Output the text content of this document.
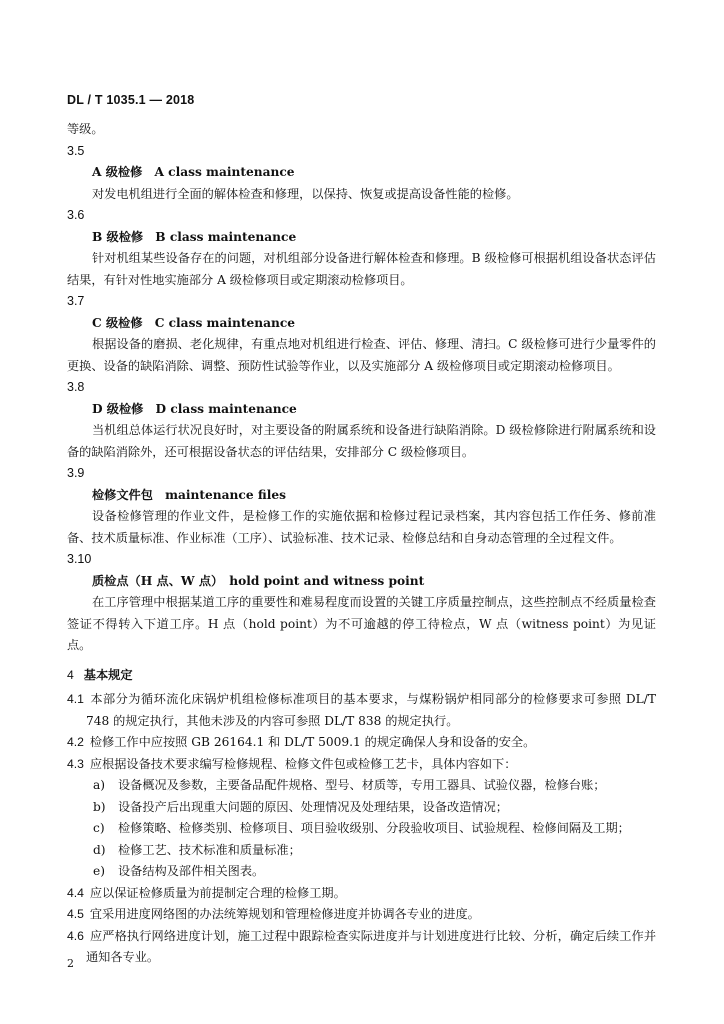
DL / T 1035.1 — 2018
等级。
3.5
A 级检修　A class maintenance
对发电机组进行全面的解体检查和修理，以保持、恢复或提高设备性能的检修。
3.6
B 级检修　B class maintenance
针对机组某些设备存在的问题，对机组部分设备进行解体检查和修理。B 级检修可根据机组设备状态评估结果，有针对性地实施部分 A 级检修项目或定期滚动检修项目。
3.7
C 级检修　C class maintenance
根据设备的磨损、老化规律，有重点地对机组进行检查、评估、修理、清扫。C 级检修可进行少量零件的更换、设备的缺陷消除、调整、预防性试验等作业，以及实施部分 A 级检修项目或定期滚动检修项目。
3.8
D 级检修　D class maintenance
当机组总体运行状况良好时，对主要设备的附属系统和设备进行缺陷消除。D 级检修除进行附属系统和设备的缺陷消除外，还可根据设备状态的评估结果，安排部分 C 级检修项目。
3.9
检修文件包　maintenance files
设备检修管理的作业文件，是检修工作的实施依据和检修过程记录档案，其内容包括工作任务、修前准备、技术质量标准、作业标准（工序）、试验标准、技术记录、检修总结和自身动态管理的全过程文件。
3.10
质检点（H 点、W 点）　hold point and witness point
在工序管理中根据某道工序的重要性和难易程度而设置的关键工序质量控制点，这些控制点不经质量检查签证不得转入下道工序。H 点（hold point）为不可逾越的停工待检点，W 点（witness point）为见证点。
4 基本规定
4.1 本部分为循环流化床锅炉机组检修标准项目的基本要求，与煤粉锅炉相同部分的检修要求可参照 DL/T 748 的规定执行，其他未涉及的内容可参照 DL/T 838 的规定执行。
4.2 检修工作中应按照 GB 26164.1 和 DL/T 5009.1 的规定确保人身和设备的安全。
4.3 应根据设备技术要求编写检修规程、检修文件包或检修工艺卡，具体内容如下：
a) 设备概况及参数，主要备品配件规格、型号、材质等，专用工器具、试验仪器，检修台账；
b) 设备投产后出现重大问题的原因、处理情况及处理结果，设备改造情况；
c) 检修策略、检修类别、检修项目、项目验收级别、分段验收项目、试验规程、检修间隔及工期；
d) 检修工艺、技术标准和质量标准；
e) 设备结构及部件相关图表。
4.4 应以保证检修质量为前提制定合理的检修工期。
4.5 宜采用进度网络图的办法统筹规划和管理检修进度并协调各专业的进度。
4.6 应严格执行网络进度计划，施工过程中跟踪检查实际进度并与计划进度进行比较、分析，确定后续工作并通知各专业。
2
